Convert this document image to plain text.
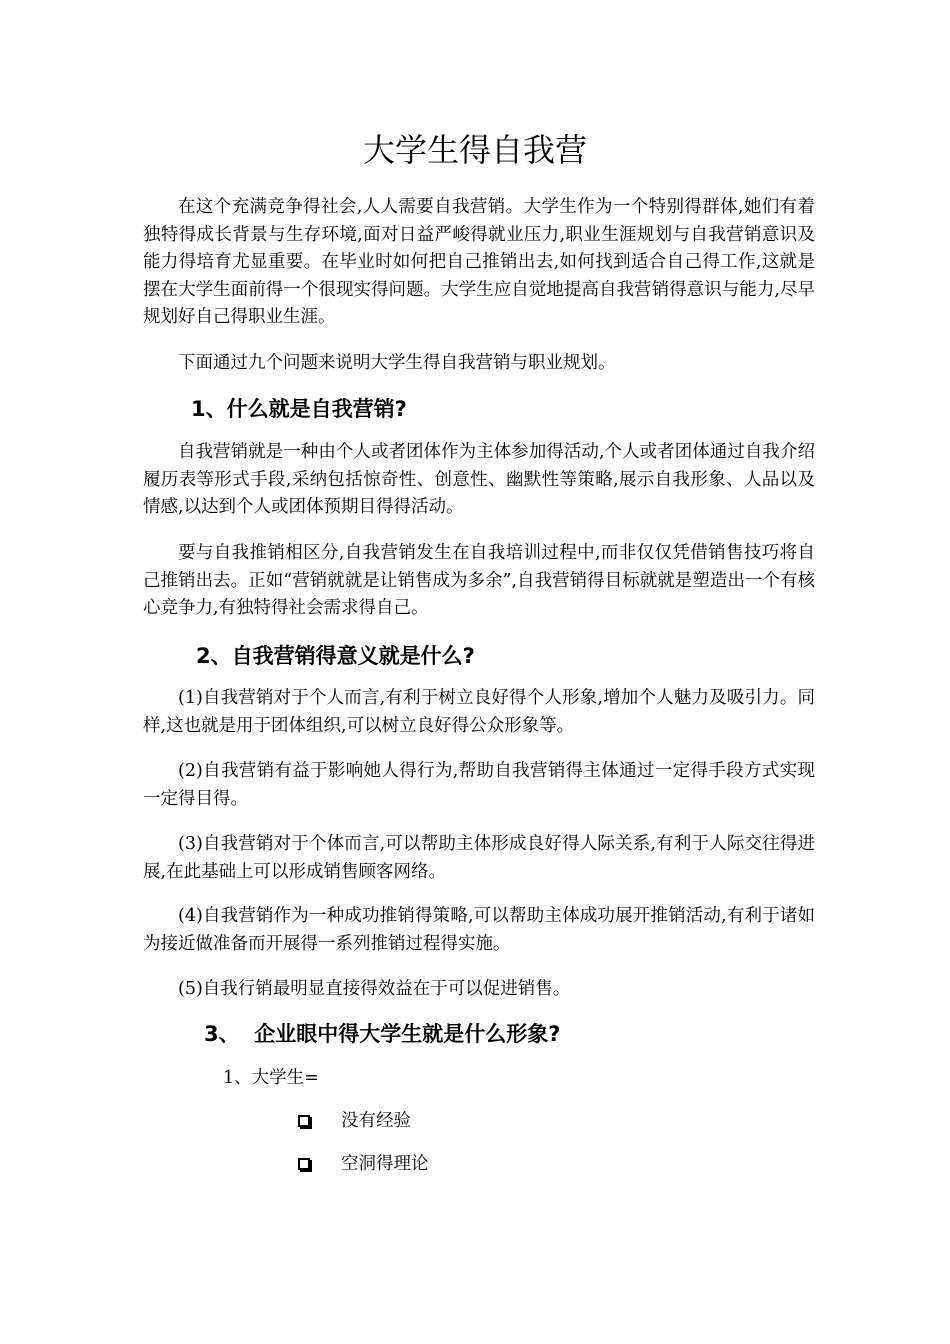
大学生得自我营

在这个充满竞争得社会,人人需要自我营销。大学生作为一个特别得群体,她们有着独特得成长背景与生存环境,面对日益严峻得就业压力,职业生涯规划与自我营销意识及能力得培育尤显重要。在毕业时如何把自己推销出去,如何找到适合自己得工作,这就是摆在大学生面前得一个很现实得问题。大学生应自觉地提高自我营销得意识与能力,尽早规划好自己得职业生涯。

下面通过九个问题来说明大学生得自我营销与职业规划。

1、什么就是自我营销?

自我营销就是一种由个人或者团体作为主体参加得活动,个人或者团体通过自我介绍履历表等形式手段,采纳包括惊奇性、创意性、幽默性等策略,展示自我形象、人品以及情感,以达到个人或团体预期目得得活动。

要与自我推销相区分,自我营销发生在自我培训过程中,而非仅仅凭借销售技巧将自己推销出去。正如“营销就就是让销售成为多余”,自我营销得目标就就是塑造出一个有核心竞争力,有独特得社会需求得自己。

2、自我营销得意义就是什么?

(1)自我营销对于个人而言,有利于树立良好得个人形象,增加个人魅力及吸引力。同样,这也就是用于团体组织,可以树立良好得公众形象等。

(2)自我营销有益于影响她人得行为,帮助自我营销得主体通过一定得手段方式实现一定得目得。

(3)自我营销对于个体而言,可以帮助主体形成良好得人际关系,有利于人际交往得进展,在此基础上可以形成销售顾客网络。

(4)自我营销作为一种成功推销得策略,可以帮助主体成功展开推销活动,有利于诸如为接近做准备而开展得一系列推销过程得实施。

(5)自我行销最明显直接得效益在于可以促进销售。

3、  企业眼中得大学生就是什么形象?

1、大学生=

没有经验
空洞得理论
